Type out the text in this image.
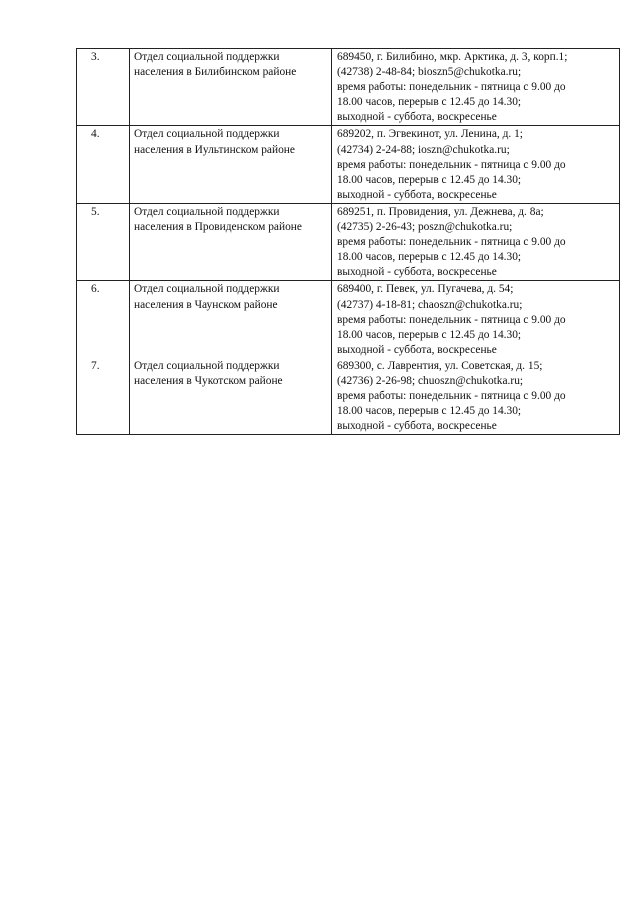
3.	Отдел социальной поддержки населения в Билибинском районе	689450, г. Билибино, мкр. Арктика, д. 3, корп.1;
(42738) 2-48-84; bioszn5@chukotka.ru;
время работы: понедельник - пятница с 9.00 до
18.00 часов, перерыв с 12.45 до 14.30;
выходной - суббота, воскресенье

4.	Отдел социальной поддержки населения в Иультинском районе	689202, п. Эгвекинот, ул. Ленина, д. 1;
(42734) 2-24-88; ioszn@chukotka.ru;
время работы: понедельник - пятница с 9.00 до
18.00 часов, перерыв с 12.45 до 14.30;
выходной - суббота, воскресенье

5.	Отдел социальной поддержки населения в Провиденском районе	689251, п. Провидения, ул. Дежнева, д. 8а;
(42735) 2-26-43; poszn@chukotka.ru;
время работы: понедельник - пятница с 9.00 до
18.00 часов, перерыв с 12.45 до 14.30;
выходной - суббота, воскресенье

6.	Отдел социальной поддержки населения в Чаунском районе	689400, г. Певек, ул. Пугачева, д. 54;
(42737) 4-18-81; chaoszn@chukotka.ru;
время работы: понедельник - пятница с 9.00 до
18.00 часов, перерыв с 12.45 до 14.30;
выходной - суббота, воскресенье

7.	Отдел социальной поддержки населения в Чукотском районе	689300, с. Лаврентия, ул. Советская, д. 15;
(42736) 2-26-98; chuoszn@chukotka.ru;
время работы: понедельник - пятница с 9.00 до
18.00 часов, перерыв с 12.45 до 14.30;
выходной - суббота, воскресенье
